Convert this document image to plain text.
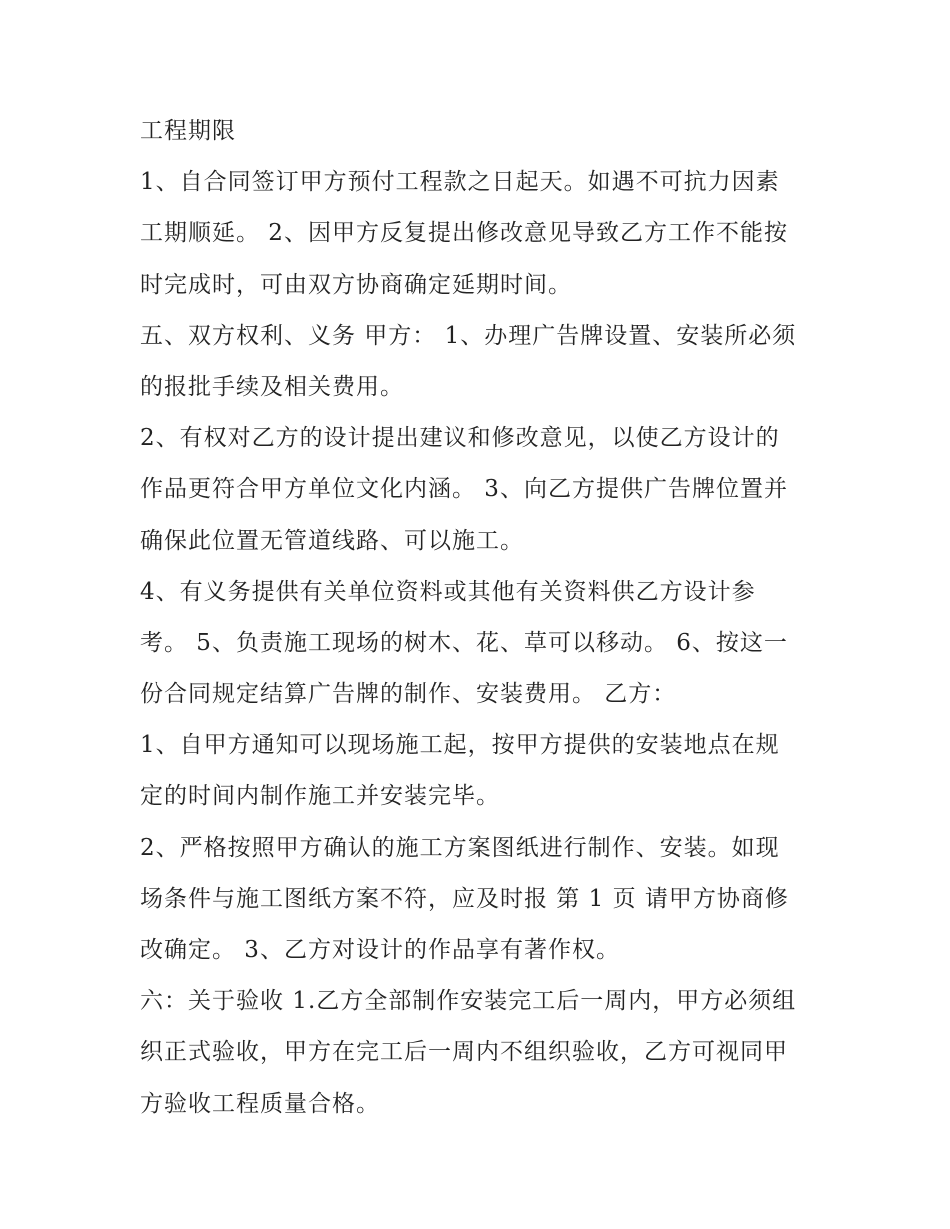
工程期限
1、自合同签订甲方预付工程款之日起天。如遇不可抗力因素
工期顺延。 2、因甲方反复提出修改意见导致乙方工作不能按
时完成时，可由双方协商确定延期时间。
五、双方权利、义务 甲方： 1、办理广告牌设置、安装所必须
的报批手续及相关费用。
2、有权对乙方的设计提出建议和修改意见，以使乙方设计的
作品更符合甲方单位文化内涵。 3、向乙方提供广告牌位置并
确保此位置无管道线路、可以施工。
4、有义务提供有关单位资料或其他有关资料供乙方设计参
考。 5、负责施工现场的树木、花、草可以移动。 6、按这一
份合同规定结算广告牌的制作、安装费用。 乙方：
1、自甲方通知可以现场施工起，按甲方提供的安装地点在规
定的时间内制作施工并安装完毕。
2、严格按照甲方确认的施工方案图纸进行制作、安装。如现
场条件与施工图纸方案不符，应及时报 第 1 页 请甲方协商修
改确定。 3、乙方对设计的作品享有著作权。
六：关于验收 1.乙方全部制作安装完工后一周内，甲方必须组
织正式验收，甲方在完工后一周内不组织验收，乙方可视同甲
方验收工程质量合格。
